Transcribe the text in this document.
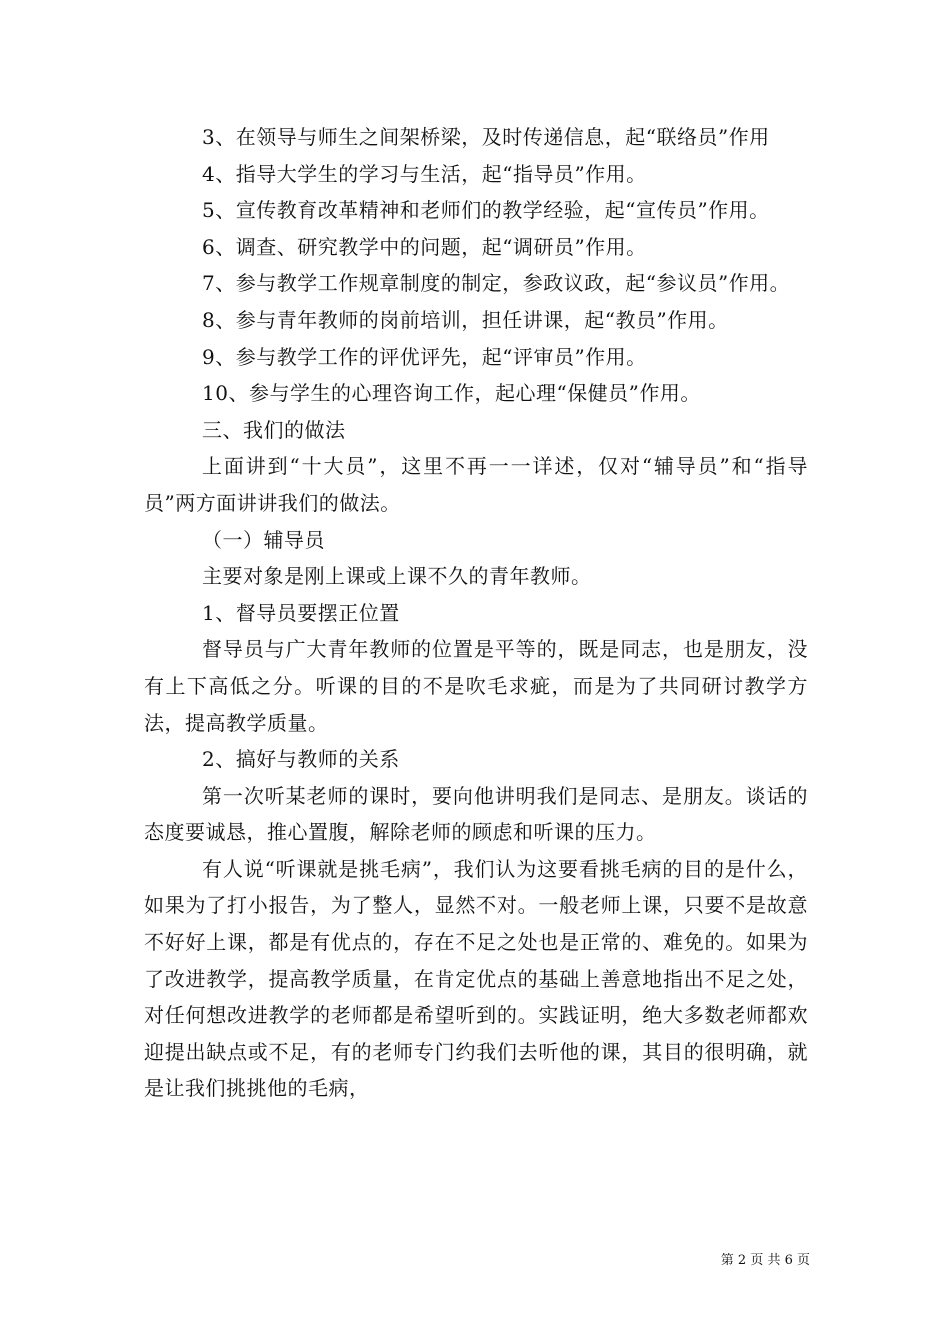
3、在领导与师生之间架桥梁，及时传递信息，起“联络员”作用

4、指导大学生的学习与生活，起“指导员”作用。

5、宣传教育改革精神和老师们的教学经验，起“宣传员”作用。

6、调查、研究教学中的问题，起“调研员”作用。

7、参与教学工作规章制度的制定，参政议政，起“参议员”作用。

8、参与青年教师的岗前培训，担任讲课，起“教员”作用。

9、参与教学工作的评优评先，起“评审员”作用。

10、参与学生的心理咨询工作，起心理“保健员”作用。

三、我们的做法

上面讲到“十大员”，这里不再一一详述，仅对“辅导员”和“指导员”两方面讲讲我们的做法。

（一）辅导员

主要对象是刚上课或上课不久的青年教师。

1、督导员要摆正位置

督导员与广大青年教师的位置是平等的，既是同志，也是朋友，没有上下高低之分。听课的目的不是吹毛求疵，而是为了共同研讨教学方法，提高教学质量。

2、搞好与教师的关系

第一次听某老师的课时，要向他讲明我们是同志、是朋友。谈话的态度要诚恳，推心置腹，解除老师的顾虑和听课的压力。

有人说“听课就是挑毛病”，我们认为这要看挑毛病的目的是什么，如果为了打小报告，为了整人，显然不对。一般老师上课，只要不是故意不好好上课，都是有优点的，存在不足之处也是正常的、难免的。如果为了改进教学，提高教学质量，在肯定优点的基础上善意地指出不足之处，对任何想改进教学的老师都是希望听到的。实践证明，绝大多数老师都欢迎提出缺点或不足，有的老师专门约我们去听他的课，其目的很明确，就是让我们挑挑他的毛病，

第 2 页 共 6 页
